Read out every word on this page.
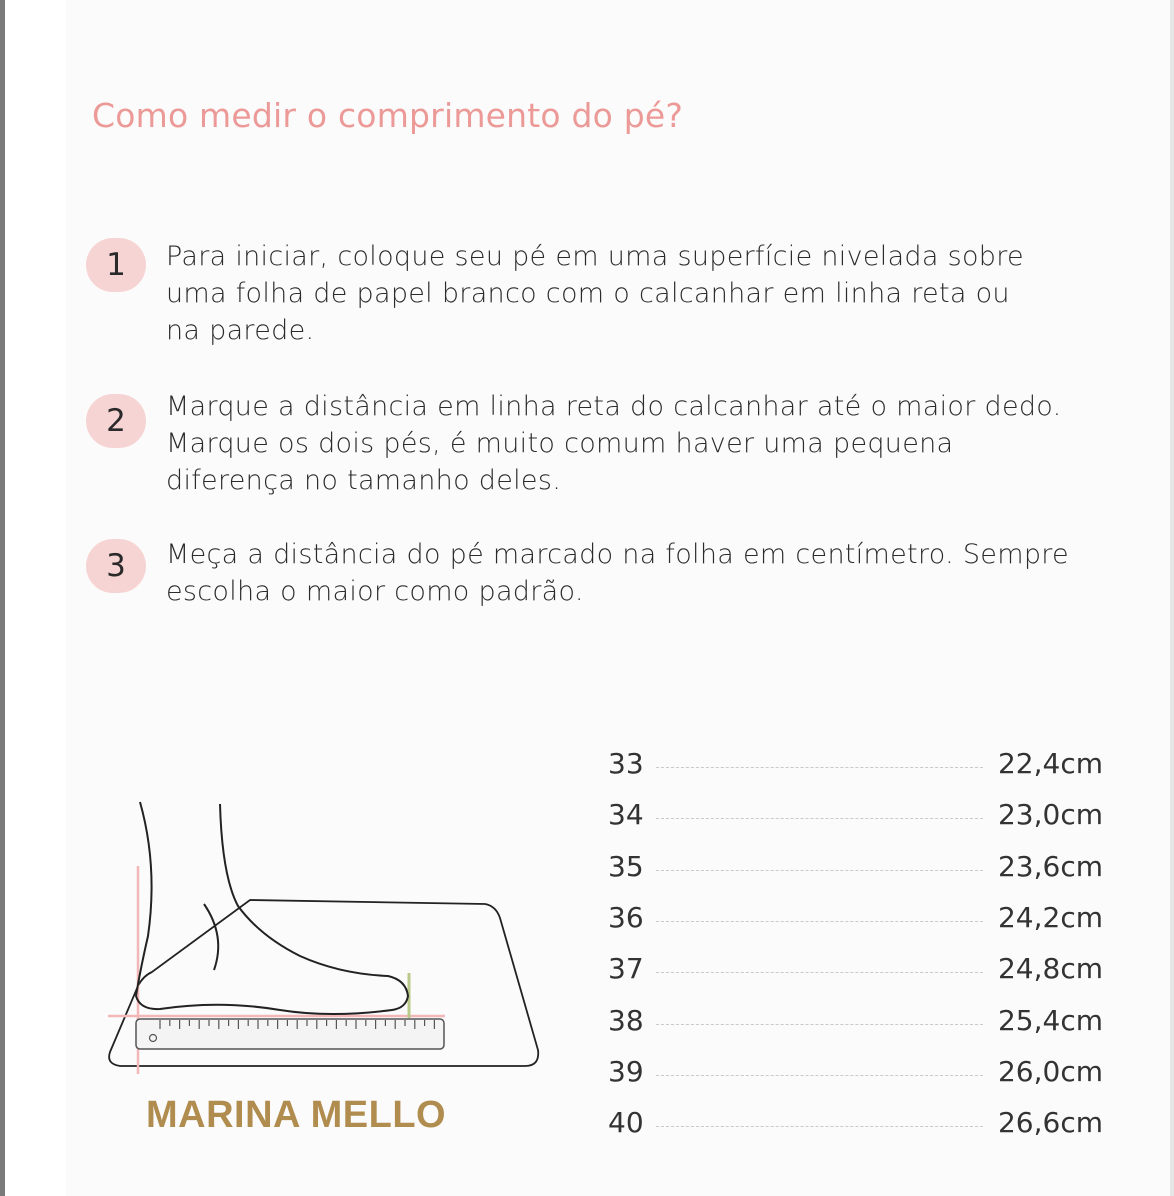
Como medir o comprimento do pé?
1	Para iniciar, coloque seu pé em uma superfície nivelada sobre
uma folha de papel branco com o calcanhar em linha reta ou
na parede.
2	Marque a distância em linha reta do calcanhar até o maior dedo.
Marque os dois pés, é muito comum haver uma pequena
diferença no tamanho deles.
3	Meça a distância do pé marcado na folha em centímetro. Sempre
escolha o maior como padrão.
33	22,4cm
34	23,0cm
35	23,6cm
36	24,2cm
37	24,8cm
38	25,4cm
39	26,0cm
40	26,6cm
MARINA MELLO
